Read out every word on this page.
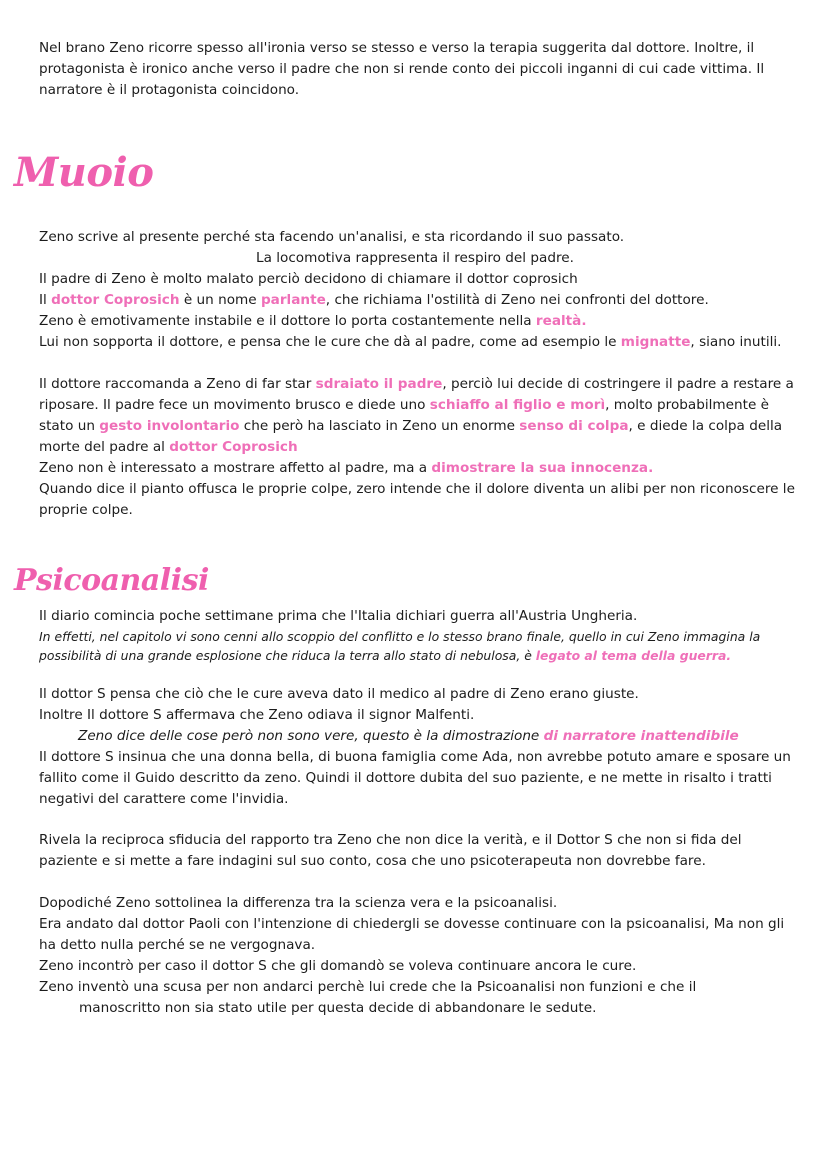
Nel brano Zeno ricorre spesso all'ironia verso se stesso e verso la terapia suggerita dal dottore. Inoltre, il protagonista è ironico anche verso il padre che non si rende conto dei piccoli inganni di cui cade vittima. Il narratore è il protagonista coincidono.

Muoio

Zeno scrive al presente perché sta facendo un'analisi, e sta ricordando il suo passato.

La locomotiva rappresenta il respiro del padre.

Il padre di Zeno è molto malato perciò decidono di chiamare il dottor coprosich

Il dottor Coprosich è un nome parlante, che richiama l'ostilità di Zeno nei confronti del dottore.

Zeno è emotivamente instabile e il dottore lo porta costantemente nella realtà.

Lui non sopporta il dottore, e pensa che le cure che dà al padre, come ad esempio le mignatte, siano inutili.

Il dottore raccomanda a Zeno di far star sdraiato il padre, perciò lui decide di costringere il padre a restare a riposare. Il padre fece un movimento brusco e diede uno schiaffo al figlio e morì, molto probabilmente è stato un gesto involontario che però ha lasciato in Zeno un enorme senso di colpa, e diede la colpa della morte del padre al dottor Coprosich

Zeno non è interessato a mostrare affetto al padre, ma a dimostrare la sua innocenza.

Quando dice il pianto offusca le proprie colpe, zero intende che il dolore diventa un alibi per non riconoscere le proprie colpe.

Psicoanalisi

Il diario comincia poche settimane prima che l'Italia dichiari guerra all'Austria Ungheria.

In effetti, nel capitolo vi sono cenni allo scoppio del conflitto e lo stesso brano finale, quello in cui Zeno immagina la possibilità di una grande esplosione che riduca la terra allo stato di nebulosa, è legato al tema della guerra.

Il dottor S pensa che ciò che le cure aveva dato il medico al padre di Zeno erano giuste.

Inoltre Il dottore S affermava che Zeno odiava il signor Malfenti.

Zeno dice delle cose però non sono vere, questo è la dimostrazione di narratore inattendibile

Il dottore S insinua che una donna bella, di buona famiglia come Ada, non avrebbe potuto amare e sposare un fallito come il Guido descritto da zeno. Quindi il dottore dubita del suo paziente, e ne mette in risalto i tratti negativi del carattere come l'invidia.

Rivela la reciproca sfiducia del rapporto tra Zeno che non dice la verità, e il Dottor S che non si fida del paziente e si mette a fare indagini sul suo conto, cosa che uno psicoterapeuta non dovrebbe fare.

Dopodiché Zeno sottolinea la differenza tra la scienza vera e la psicoanalisi.

Era andato dal dottor Paoli con l'intenzione di chiedergli se dovesse continuare con la psicoanalisi, Ma non gli ha detto nulla perché se ne vergognava.

Zeno incontrò per caso il dottor S che gli domandò se voleva continuare ancora le cure.

Zeno inventò una scusa per non andarci perchè lui crede che la Psicoanalisi non funzioni e che il

manoscritto non sia stato utile per questa decide di abbandonare le sedute.
